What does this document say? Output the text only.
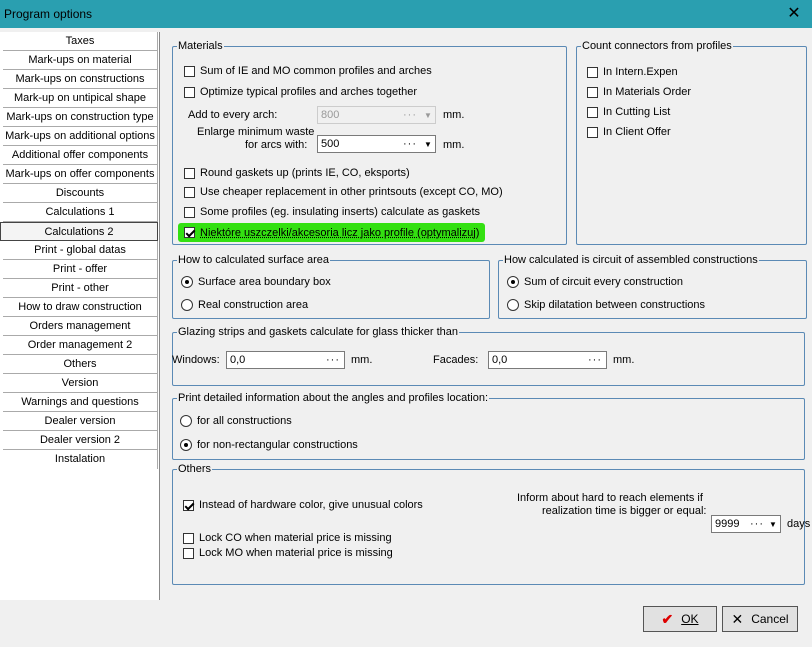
Program options	✕
Taxes
Mark-ups on material
Mark-ups on constructions
Mark-up on untipical shape
Mark-ups on construction type
Mark-ups on additional options
Additional offer components
Mark-ups on offer components
Discounts
Calculations 1
Calculations 2
Print - global datas
Print - offer
Print - other
How to draw construction
Orders management
Order management 2
Others
Version
Warnings and questions
Dealer version
Dealer version 2
Instalation
Materials
Sum of IE and MO common profiles and arches
Optimize typical profiles and arches together
Add to every arch:	800	··· ▼ mm.
Enlarge minimum waste
for arcs with: 500	··· ▼ mm.
Round gaskets up (prints IE, CO, eksports)
Use cheaper replacement in other printsouts (except CO, MO)
Some profiles (eg. insulating inserts) calculate as gaskets
Niektóre uszczelki/akcesoria licz jako profile (optymalizuj)
Count connectors from profiles
In Intern.Expen
In Materials Order
In Cutting List
In Client Offer
How to calculated surface area
Surface area boundary box
Real construction area
How calculated is circuit of assembled constructions
Sum of circuit every construction
Skip dilatation between constructions
Glazing strips and gaskets calculate for glass thicker than
Windows: 0,0	···	mm.	Facades: 0,0	···	mm.
Print detailed information about the angles and profiles location:
for all constructions
for non-rectangular constructions
Others
Instead of hardware color, give unusual colors
Lock CO when material price is missing
Lock MO when material price is missing
Inform about hard to reach elements if
realization time is bigger or equal:
9999 ··· ▼ days
✔ OK ✕ Cancel
